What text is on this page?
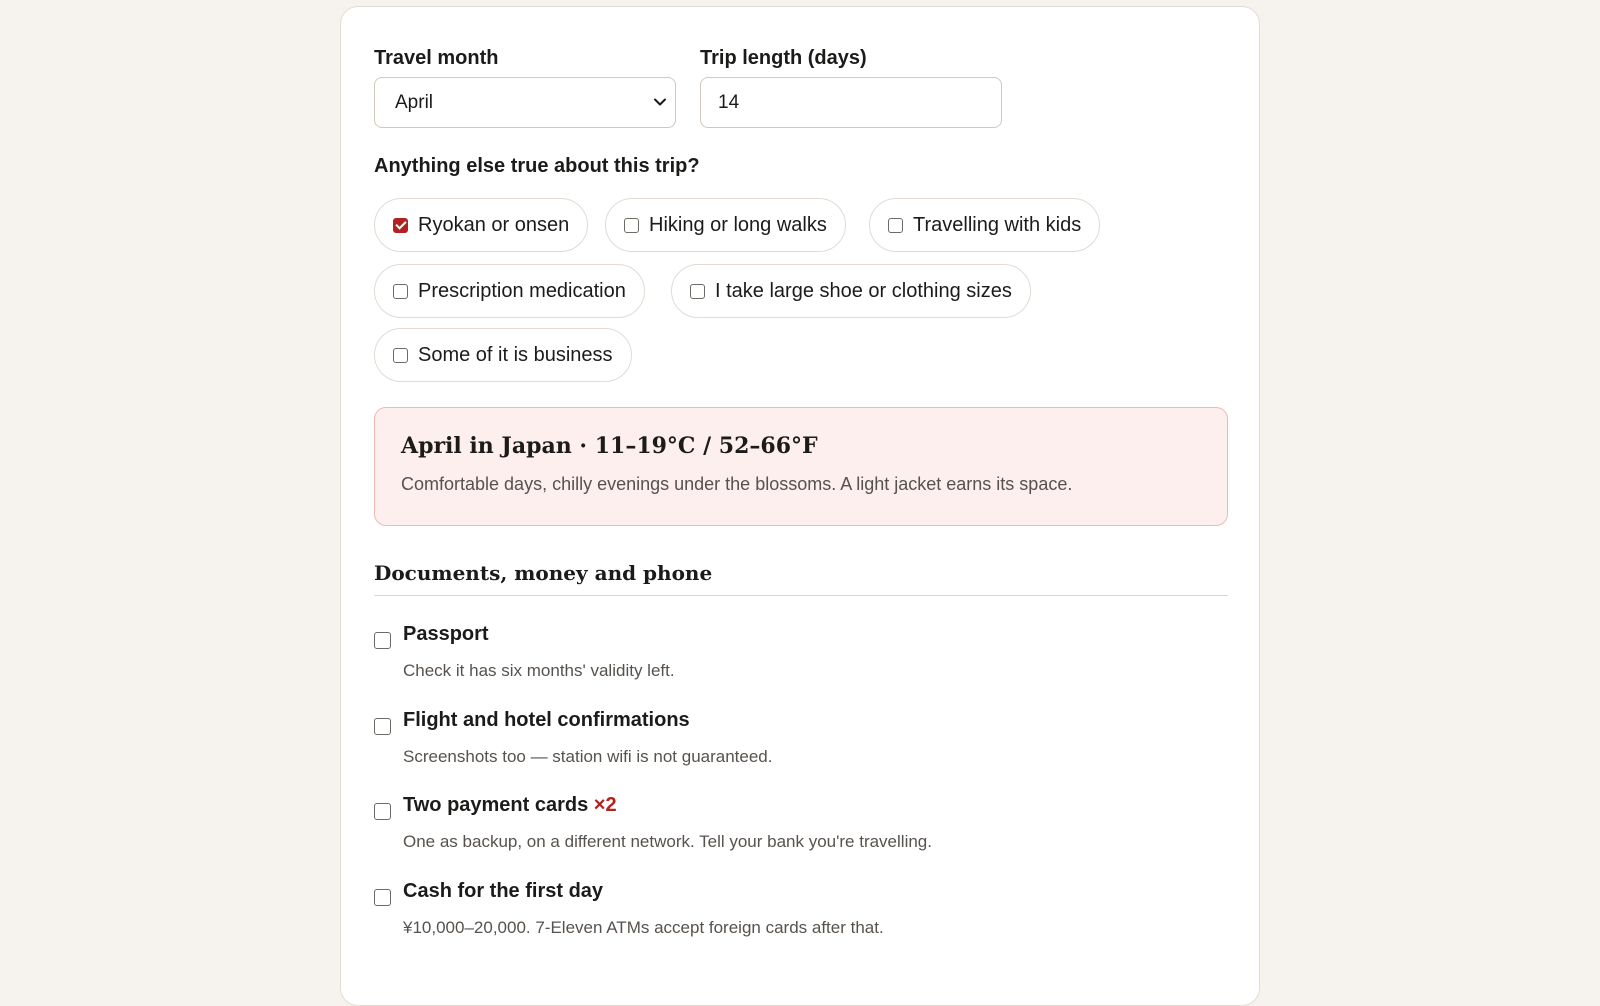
Travel month
April
Trip length (days)
14
Anything else true about this trip?
Ryokan or onsen	Hiking or long walks	Travelling with kids
Prescription medication	I take large shoe or clothing sizes
Some of it is business
April in Japan · 11–19°C / 52–66°F
Comfortable days, chilly evenings under the blossoms. A light jacket earns its space.
Documents, money and phone
Passport
Check it has six months' validity left.
Flight and hotel confirmations
Screenshots too — station wifi is not guaranteed.
Two payment cards ×2
One as backup, on a different network. Tell your bank you're travelling.
Cash for the first day
¥10,000–20,000. 7-Eleven ATMs accept foreign cards after that.
